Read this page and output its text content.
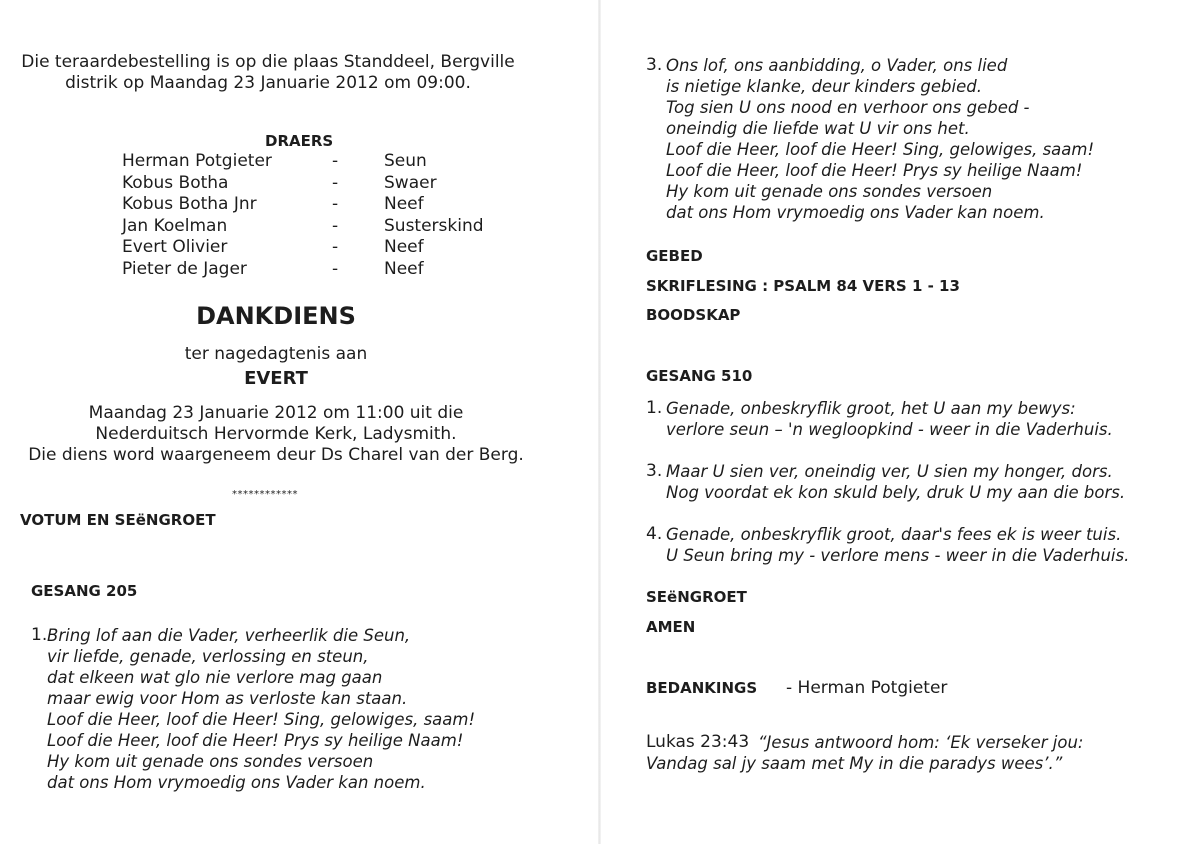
Die teraardebestelling is op die plaas Standdeel, Bergville
distrik op Maandag 23 Januarie 2012 om 09:00.
DRAERS
Herman Potgieter	-	Seun
Kobus Botha	-	Swaer
Kobus Botha Jnr	-	Neef
Jan Koelman	-	Susterskind
Evert Olivier	-	Neef
Pieter de Jager	-	Neef
DANKDIENS
ter nagedagtenis aan
EVERT
Maandag 23 Januarie 2012 om 11:00 uit die
Nederduitsch Hervormde Kerk, Ladysmith.
Die diens word waargeneem deur Ds Charel van der Berg.
************
VOTUM EN SEëNGROET
GESANG 205
1. Bring lof aan die Vader, verheerlik die Seun,
vir liefde, genade, verlossing en steun,
dat elkeen wat glo nie verlore mag gaan
maar ewig voor Hom as verloste kan staan.
Loof die Heer, loof die Heer! Sing, gelowiges, saam!
Loof die Heer, loof die Heer! Prys sy heilige Naam!
Hy kom uit genade ons sondes versoen
dat ons Hom vrymoedig ons Vader kan noem.
3. Ons lof, ons aanbidding, o Vader, ons lied
is nietige klanke, deur kinders gebied.
Tog sien U ons nood en verhoor ons gebed -
oneindig die liefde wat U vir ons het.
Loof die Heer, loof die Heer! Sing, gelowiges, saam!
Loof die Heer, loof die Heer! Prys sy heilige Naam!
Hy kom uit genade ons sondes versoen
dat ons Hom vrymoedig ons Vader kan noem.
GEBED
SKRIFLESING : PSALM 84 VERS 1 - 13
BOODSKAP
GESANG 510
1. Genade, onbeskryflik groot, het U aan my bewys:
verlore seun – 'n wegloopkind - weer in die Vaderhuis.
3. Maar U sien ver, oneindig ver, U sien my honger, dors.
Nog voordat ek kon skuld bely, druk U my aan die bors.
4. Genade, onbeskryflik groot, daar's fees ek is weer tuis.
U Seun bring my - verlore mens - weer in die Vaderhuis.
SEëNGROET
AMEN
BEDANKINGS - Herman Potgieter
Lukas 23:43 “Jesus antwoord hom: ‘Ek verseker jou:
Vandag sal jy saam met My in die paradys wees’.”
